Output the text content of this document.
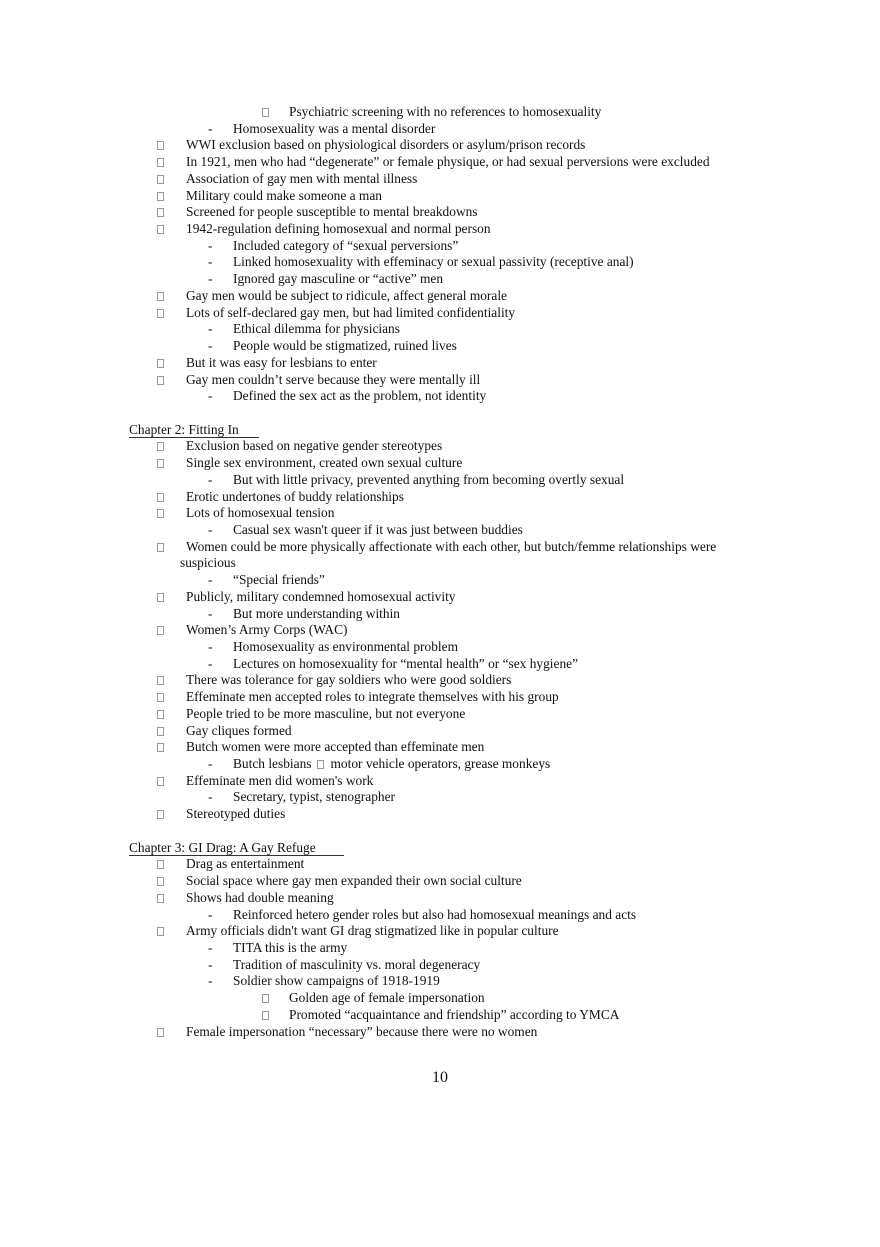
Psychiatric screening with no references to homosexuality
- Homosexuality was a mental disorder
WWI exclusion based on physiological disorders or asylum/prison records
In 1921, men who had “degenerate” or female physique, or had sexual perversions were excluded
Association of gay men with mental illness
Military could make someone a man
Screened for people susceptible to mental breakdowns
1942-regulation defining homosexual and normal person
- Included category of “sexual perversions”
- Linked homosexuality with effeminacy or sexual passivity (receptive anal)
- Ignored gay masculine or “active” men
Gay men would be subject to ridicule, affect general morale
Lots of self-declared gay men, but had limited confidentiality
- Ethical dilemma for physicians
- People would be stigmatized, ruined lives
But it was easy for lesbians to enter
Gay men couldn’t serve because they were mentally ill
- Defined the sex act as the problem, not identity
Chapter 2: Fitting In
Exclusion based on negative gender stereotypes
Single sex environment, created own sexual culture
- But with little privacy, prevented anything from becoming overtly sexual
Erotic undertones of buddy relationships
Lots of homosexual tension
- Casual sex wasn't queer if it was just between buddies
Women could be more physically affectionate with each other, but butch/femme relationships were
suspicious
- “Special friends”
Publicly, military condemned homosexual activity
- But more understanding within
Women’s Army Corps (WAC)
- Homosexuality as environmental problem
- Lectures on homosexuality for “mental health” or “sex hygiene”
There was tolerance for gay soldiers who were good soldiers
Effeminate men accepted roles to integrate themselves with his group
People tried to be more masculine, but not everyone
Gay cliques formed
Butch women were more accepted than effeminate men
- Butch lesbians motor vehicle operators, grease monkeys
Effeminate men did women's work
- Secretary, typist, stenographer
Stereotyped duties
Chapter 3: GI Drag: A Gay Refuge
Drag as entertainment
Social space where gay men expanded their own social culture
Shows had double meaning
- Reinforced hetero gender roles but also had homosexual meanings and acts
Army officials didn't want GI drag stigmatized like in popular culture
- TITA this is the army
- Tradition of masculinity vs. moral degeneracy
- Soldier show campaigns of 1918-1919
Golden age of female impersonation
Promoted “acquaintance and friendship” according to YMCA
Female impersonation “necessary” because there were no women
10
